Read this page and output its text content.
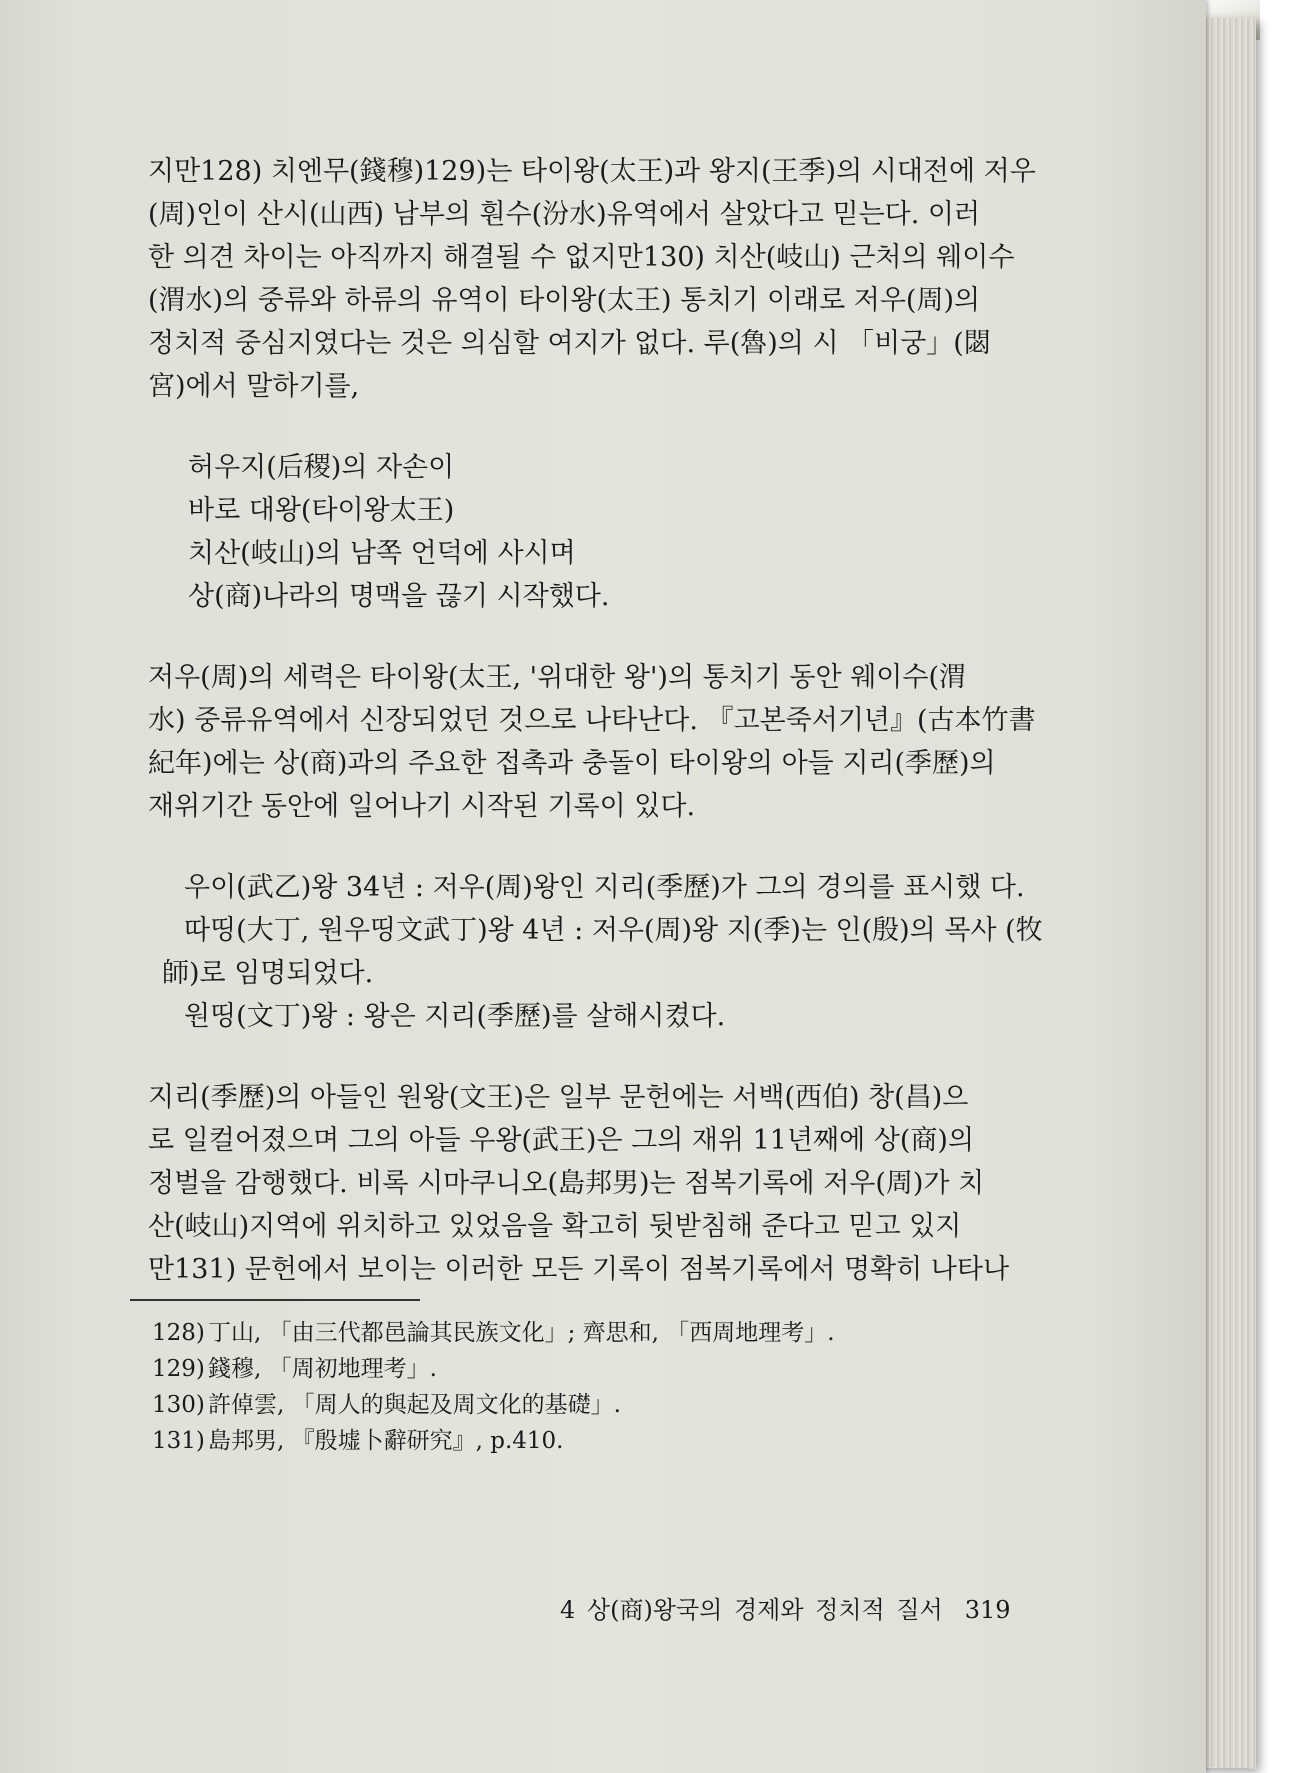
지만128) 치엔무(錢穆)129)는 타이왕(太王)과 왕지(王季)의 시대전에 저우
(周)인이 산시(山西) 남부의 훤수(汾水)유역에서 살았다고 믿는다. 이러
한 의견 차이는 아직까지 해결될 수 없지만130) 치산(岐山) 근처의 웨이수
(渭水)의 중류와 하류의 유역이 타이왕(太王) 통치기 이래로 저우(周)의
정치적 중심지였다는 것은 의심할 여지가 없다. 루(魯)의 시 「비궁」(閟
宮)에서 말하기를,

허우지(后稷)의 자손이
바로 대왕(타이왕太王)
치산(岐山)의 남쪽 언덕에 사시며
상(商)나라의 명맥을 끊기 시작했다.

저우(周)의 세력은 타이왕(太王, '위대한 왕')의 통치기 동안 웨이수(渭
水) 중류유역에서 신장되었던 것으로 나타난다. 『고본죽서기년』(古本竹書
紀年)에는 상(商)과의 주요한 접촉과 충돌이 타이왕의 아들 지리(季歷)의
재위기간 동안에 일어나기 시작된 기록이 있다.

우이(武乙)왕 34년 : 저우(周)왕인 지리(季歷)가 그의 경의를 표시했 다.
따띵(大丁, 원우띵文武丁)왕 4년 : 저우(周)왕 지(季)는 인(殷)의 목사 (牧師)로 임명되었다.
원띵(文丁)왕 : 왕은 지리(季歷)를 살해시켰다.

지리(季歷)의 아들인 원왕(文王)은 일부 문헌에는 서백(西伯) 창(昌)으
로 일컬어졌으며 그의 아들 우왕(武王)은 그의 재위 11년째에 상(商)의
정벌을 감행했다. 비록 시마쿠니오(島邦男)는 점복기록에 저우(周)가 치
산(岐山)지역에 위치하고 있었음을 확고히 뒷받침해 준다고 믿고 있지
만131) 문헌에서 보이는 이러한 모든 기록이 점복기록에서 명확히 나타나

128) 丁山, 「由三代都邑論其民族文化」; 齊思和, 「西周地理考」.
129) 錢穆, 「周初地理考」.
130) 許倬雲, 「周人的與起及周文化的基礎」.
131) 島邦男, 『殷墟卜辭研究』, p.410.
4 상(商)왕국의 경제와 정치적 질서 319
